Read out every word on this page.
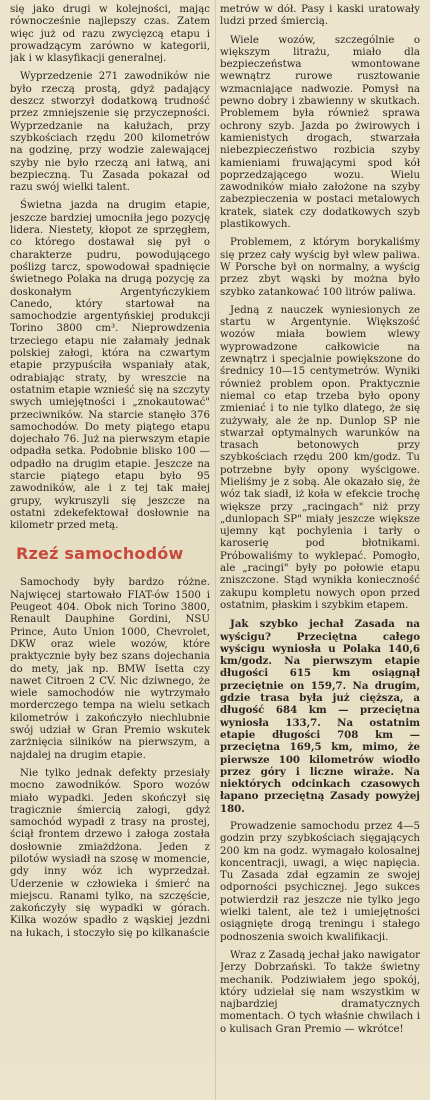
się jako drugi w kolejności, mając równocześnie najlepszy czas. Zatem więc już od razu zwycięzcą etapu i prowadzącym zarówno w kategorii, jak i w klasyfikacji generalnej.

Wyprzedzenie 271 zawodników nie było rzeczą prostą, gdyż padający deszcz stworzył dodatkową trudność przez zmniejszenie się przyczepności. Wyprzedzanie na kałużach, przy szybkościach rzędu 200 kilometrów na godzinę, przy wodzie zalewającej szyby nie było rzeczą ani łatwą, ani bezpieczną. Tu Zasada pokazał od razu swój wielki talent.

Świetna jazda na drugim etapie, jeszcze bardziej umocniła jego pozycję lidera. Niestety, kłopot ze sprzęgłem, co którego dostawał się pył o charakterze pudru, powodującego poślizg tarcz, spowodował spadnięcie świetnego Polaka na drugą pozycję za doskonałym Argentyńczykiem Canedo, który startował na samochodzie argentyńskiej produkcji Torino 3800 cm³. Nieprowdzenia trzeciego etapu nie załamały jednak polskiej załogi, która na czwartym etapie przypuściła wspaniały atak, odrabiając straty, by wreszcie na ostatnim etapie wznieść się na szczyty swych umiejętności i „znokautować" przeciwników. Na starcie stanęło 376 samochodów. Do mety piątego etapu dojechało 76. Już na pierwszym etapie odpadła setka. Podobnie blisko 100 — odpadło na drugim etapie. Jeszcze na starcie piątego etapu było 95 zawodników, ale i z tej tak małej grupy, wykruszyli się jeszcze na ostatni zdekefektował dosłownie na kilometr przed metą.

Rzeź samochodów

Samochody były bardzo różne. Najwięcej startowało FIAT-ów 1500 i Peugeot 404. Obok nich Torino 3800, Renault Dauphine Gordini, NSU Prince, Auto Union 1000, Chevrolet, DKW oraz wiele wozów, które praktycznie były bez szans dojechania do mety, jak np. BMW Isetta czy nawet Citroen 2 CV. Nic dziwnego, że wiele samochodów nie wytrzymało morderczego tempa na wielu setkach kilometrów i zakończyło niechlubnie swój udział w Gran Premio wskutek zarżnięcia silników na pierwszym, a najdalej na drugim etapie.

Nie tylko jednak defekty przesiały mocno zawodników. Sporo wozów miało wypadki. Jeden skończył się tragicznie śmiercią załogi, gdyż samochód wypadł z trasy na prostej, ściął frontem drzewo i załoga została dosłownie zmiażdżona. Jeden z pilotów wysiadł na szosę w momencie, gdy inny wóz ich wyprzedzał. Uderzenie w człowieka i śmierć na miejscu. Ranami tylko, na szczęście, zakończyły się wypadki w górach. Kilka wozów spadło z wąskiej jezdni na łukach, i stoczyło się po kilkanaście

metrów w dół. Pasy i kaski uratowały ludzi przed śmiercią.

Wiele wozów, szczególnie o większym litrażu, miało dla bezpieczeństwa wmontowane wewnątrz rurowe rusztowanie wzmacniające nadwozie. Pomysł na pewno dobry i zbawienny w skutkach. Problemem była również sprawa ochrony szyb. Jazda po żwirowych i kamienistych drogach, stwarzała niebezpieczeństwo rozbicia szyby kamieniami fruwającymi spod kół poprzedzającego wozu. Wielu zawodników miało założone na szyby zabezpieczenia w postaci metalowych kratek, siatek czy dodatkowych szyb plastikowych.

Problemem, z którym borykaliśmy się przez cały wyścig był wlew paliwa. W Porsche był on normalny, a wyścig przez zbyt wąski by można było szybko zatankować 100 litrów paliwa.

Jedną z nauczek wyniesionych ze startu w Argentynie. Większość wozów miała bowiem wlewy wyprowadzone całkowicie na zewnątrz i specjalnie powiększone do średnicy 10—15 centymetrów. Wyniki również problem opon. Praktycznie niemal co etap trzeba było opony zmieniać i to nie tylko dlatego, że się zużywały, ale że np. Dunlop SP nie stwarzał optymalnych warunków na trasach betonowych przy szybkościach rzędu 200 km/godz. Tu potrzebne były opony wyścigowe. Mieliśmy je z sobą. Ale okazało się, że wóz tak siadł, iż koła w efekcie trochę większe przy „racingach" niż przy „dunlopach SP" miały jeszcze większe ujemny kąt pochylenia i tarły o karoserię pod błotnikami. Próbowaliśmy to wyklepać. Pomogło, ale „racingi" były po połowie etapu zniszczone. Stąd wynikła konieczność zakupu kompletu nowych opon przed ostatnim, płaskim i szybkim etapem.

Jak szybko jechał Zasada na wyścigu? Przeciętna całego wyścigu wyniosła u Polaka 140,6 km/godz. Na pierwszym etapie długości 615 km osiągnął przeciętnie on 159,7. Na drugim, gdzie trasa była już cięższa, a długość 684 km — przeciętna wyniosła 133,7. Na ostatnim etapie długości 708 km — przeciętna 169,5 km, mimo, że pierwsze 100 kilometrów wiodło przez góry i liczne wiraże. Na niektórych odcinkach czasowych łapano przeciętną Zasady powyżej 180.

Prowadzenie samochodu przez 4—5 godzin przy szybkościach sięgających 200 km na godz. wymagało kolosalnej koncentracji, uwagi, a więc napięcia. Tu Zasada zdał egzamin ze swojej odporności psychicznej. Jego sukces potwierdził raz jeszcze nie tylko jego wielki talent, ale też i umiejętności osiągnięte drogą treningu i stałego podnoszenia swoich kwalifikacji.

Wraz z Zasadą jechał jako nawigator Jerzy Dobrzański. To także świetny mechanik. Podziwiałem jego spokój, który udzielał się nam wszystkim w najbardziej dramatycznych momentach. O tych właśnie chwilach i o kulisach Gran Premio — wkrótce!
